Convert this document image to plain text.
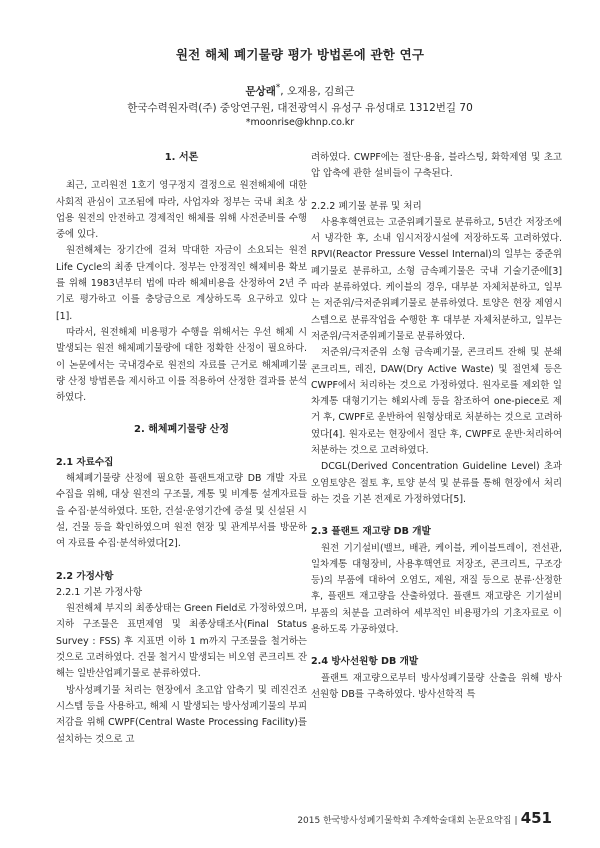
원전 해체 폐기물량 평가 방법론에 관한 연구
문상래*, 오재용, 김희근
한국수력원자력(주) 중앙연구원, 대전광역시 유성구 유성대로 1312번길 70
*moonrise@khnp.co.kr
1. 서론

최근, 고리원전 1호기 영구정지 결정으로 원전해체에 대한 사회적 관심이 고조됨에 따라, 사업자와 정부는 국내 최초 상업용 원전의 안전하고 경제적인 해체를 위해 사전준비를 수행 중에 있다.

원전해체는 장기간에 걸쳐 막대한 자금이 소요되는 원전 Life Cycle의 최종 단계이다. 정부는 안정적인 해체비용 확보를 위해 1983년부터 법에 따라 해체비용을 산정하여 2년 주기로 평가하고 이를 충당금으로 계상하도록 요구하고 있다[1].

따라서, 원전해체 비용평가 수행을 위해서는 우선 해체 시 발생되는 원전 해체폐기물량에 대한 정확한 산정이 필요하다. 이 논문에서는 국내경수로 원전의 자료를 근거로 해체폐기물량 산정 방법론을 제시하고 이를 적용하여 산정한 결과를 분석하였다.

2. 해체폐기물량 산정
2.1 자료수집

해체폐기물량 산정에 필요한 플랜트재고량 DB 개발 자료 수집을 위해, 대상 원전의 구조물, 계통 및 비계통 설계자료들을 수집·분석하였다. 또한, 건설·운영기간에 증설 및 신설된 시설, 건물 등을 확인하였으며 원전 현장 및 관계부서를 방문하여 자료를 수집·분석하였다[2].

2.2 가정사항
2.2.1 기본 가정사항

원전해체 부지의 최종상태는 Green Field로 가정하였으며, 지하 구조물은 표면제염 및 최종상태조사(Final Status Survey : FSS) 후 지표면 이하 1 m까지 구조물을 철거하는 것으로 고려하였다. 건물 철거시 발생되는 비오염 콘크리트 잔해는 일반산업폐기물로 분류하였다.

방사성폐기물 처리는 현장에서 초고압 압축기 및 레진건조시스템 등을 사용하고, 해체 시 발생되는 방사성폐기물의 부피저감을 위해 CWPF(Central Waste Processing Facility)를 설치하는 것으로 고

려하였다. CWPF에는 절단·용융, 블라스팅, 화학제염 및 초고압 압축에 관한 설비들이 구축된다.

2.2.2 폐기물 분류 및 처리

사용후핵연료는 고준위폐기물로 분류하고, 5년간 저장조에서 냉각한 후, 소내 임시저장시설에 저장하도록 고려하였다. RPVI(Reactor Pressure Vessel Internal)의 일부는 중준위폐기물로 분류하고, 소형 금속폐기물은 국내 기술기준에[3] 따라 분류하였다. 케이블의 경우, 대부분 자체처분하고, 일부는 저준위/극저준위폐기물로 분류하였다. 토양은 현장 제염시스템으로 분류작업을 수행한 후 대부분 자체처분하고, 일부는 저준위/극저준위폐기물로 분류하였다.

저준위/극저준위 소형 금속폐기물, 콘크리트 잔해 및 분쇄 콘크리트, 레진, DAW(Dry Active Waste) 및 절연체 등은 CWPF에서 처리하는 것으로 가정하였다. 원자로를 제외한 일차계통 대형기기는 해외사례 등을 참조하여 one-piece로 제거 후, CWPF로 운반하여 원형상태로 처분하는 것으로 고려하였다[4]. 원자로는 현장에서 절단 후, CWPF로 운반·처리하여 처분하는 것으로 고려하였다.

DCGL(Derived Concentration Guideline Level) 초과 오염토양은 절토 후, 토양 분석 및 분류를 통해 현장에서 처리하는 것을 기본 전제로 가정하였다[5].

2.3 플랜트 재고량 DB 개발

원전 기기설비(밸브, 배관, 케이블, 케이블트레이, 전선관, 일차계통 대형장비, 사용후핵연료 저장조, 콘크리트, 구조강 등)의 부품에 대하여 오염도, 제원, 재질 등으로 분류·산정한 후, 플랜트 재고량을 산출하였다. 플랜트 재고량은 기기설비 부품의 처분을 고려하여 세부적인 비용평가의 기초자료로 이용하도록 가공하였다.

2.4 방사선원항 DB 개발

플랜트 재고량으로부터 방사성폐기물량 산출을 위해 방사선원항 DB를 구축하였다. 방사선학적 특

2015 한국방사성폐기물학회 추계학술대회 논문요약집 | 451
